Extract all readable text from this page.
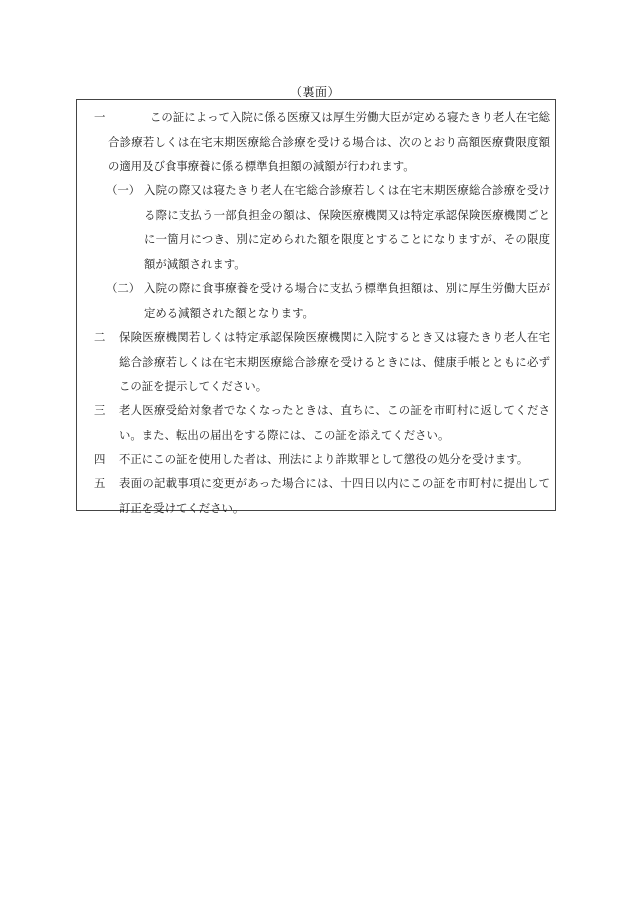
（裏面）
一	この証によって入院に係る医療又は厚生労働大臣が定める寝たきり老人在宅総合診療若しくは在宅末期医療総合診療を受ける場合は、次のとおり高額医療費限度額の適用及び食事療養に係る標準負担額の減額が行われます。
（一） 入院の際又は寝たきり老人在宅総合診療若しくは在宅末期医療総合診療を受ける際に支払う一部負担金の額は、保険医療機関又は特定承認保険医療機関ごとに一箇月につき、別に定められた額を限度とすることになりますが、その限度額が減額されます。
（二） 入院の際に食事療養を受ける場合に支払う標準負担額は、別に厚生労働大臣が定める減額された額となります。
二	保険医療機関若しくは特定承認保険医療機関に入院するとき又は寝たきり老人在宅総合診療若しくは在宅末期医療総合診療を受けるときには、健康手帳とともに必ずこの証を提示してください。
三	老人医療受給対象者でなくなったときは、直ちに、この証を市町村に返してください。また、転出の届出をする際には、この証を添えてください。
四	不正にこの証を使用した者は、刑法により詐欺罪として懲役の処分を受けます。
五	表面の記載事項に変更があった場合には、十四日以内にこの証を市町村に提出して訂正を受けてください。
